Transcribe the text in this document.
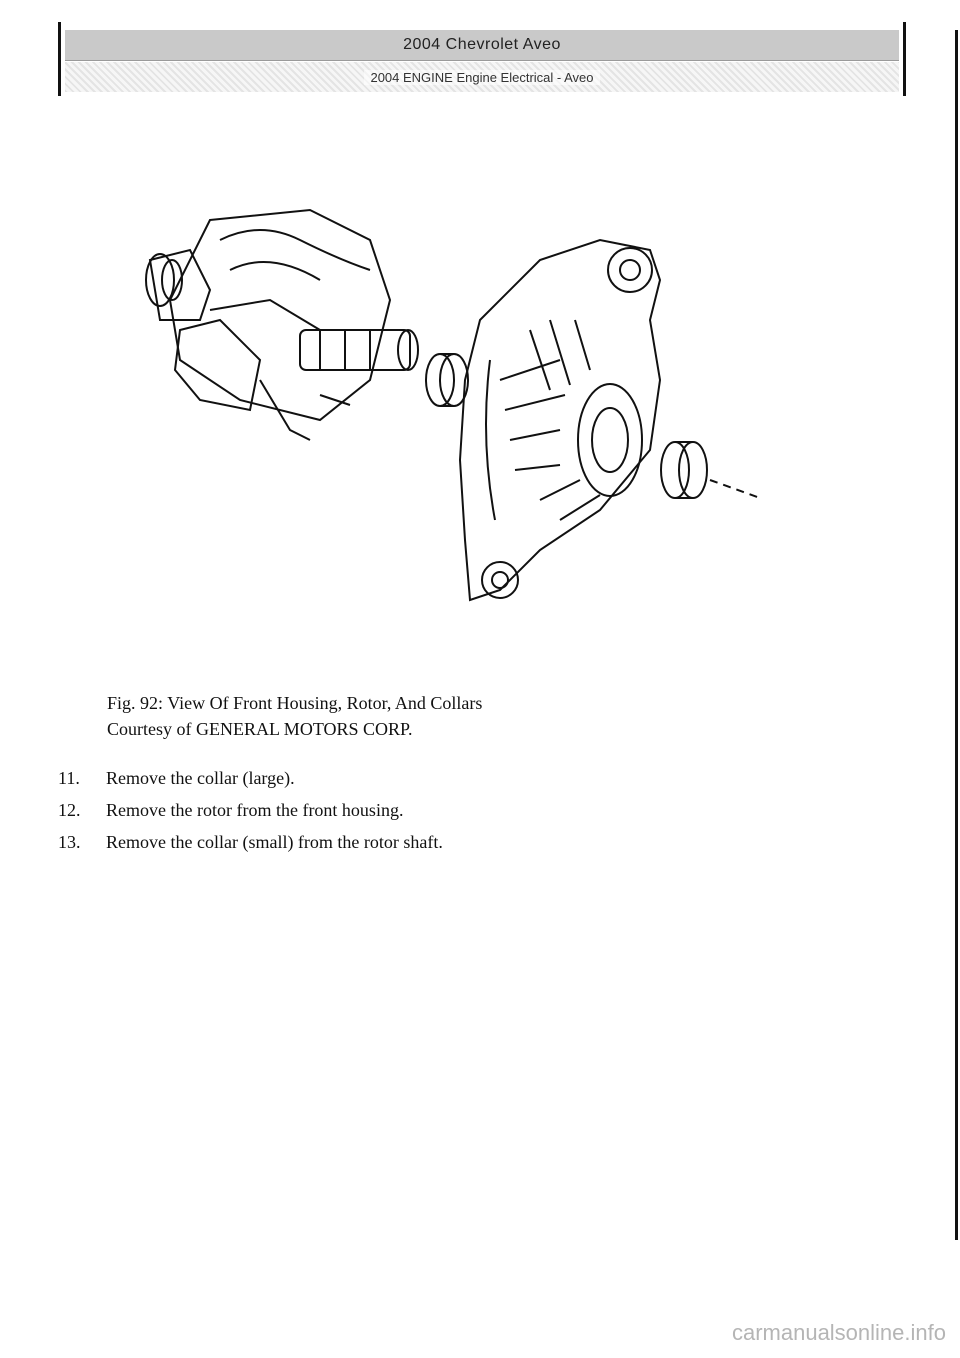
2004 Chevrolet Aveo
2004 ENGINE Engine Electrical - Aveo
Fig. 92: View Of Front Housing, Rotor, And Collars
Courtesy of GENERAL MOTORS CORP.
11.	Remove the collar (large).
12.	Remove the rotor from the front housing.
13.	Remove the collar (small) from the rotor shaft.
carmanualsonline.info
